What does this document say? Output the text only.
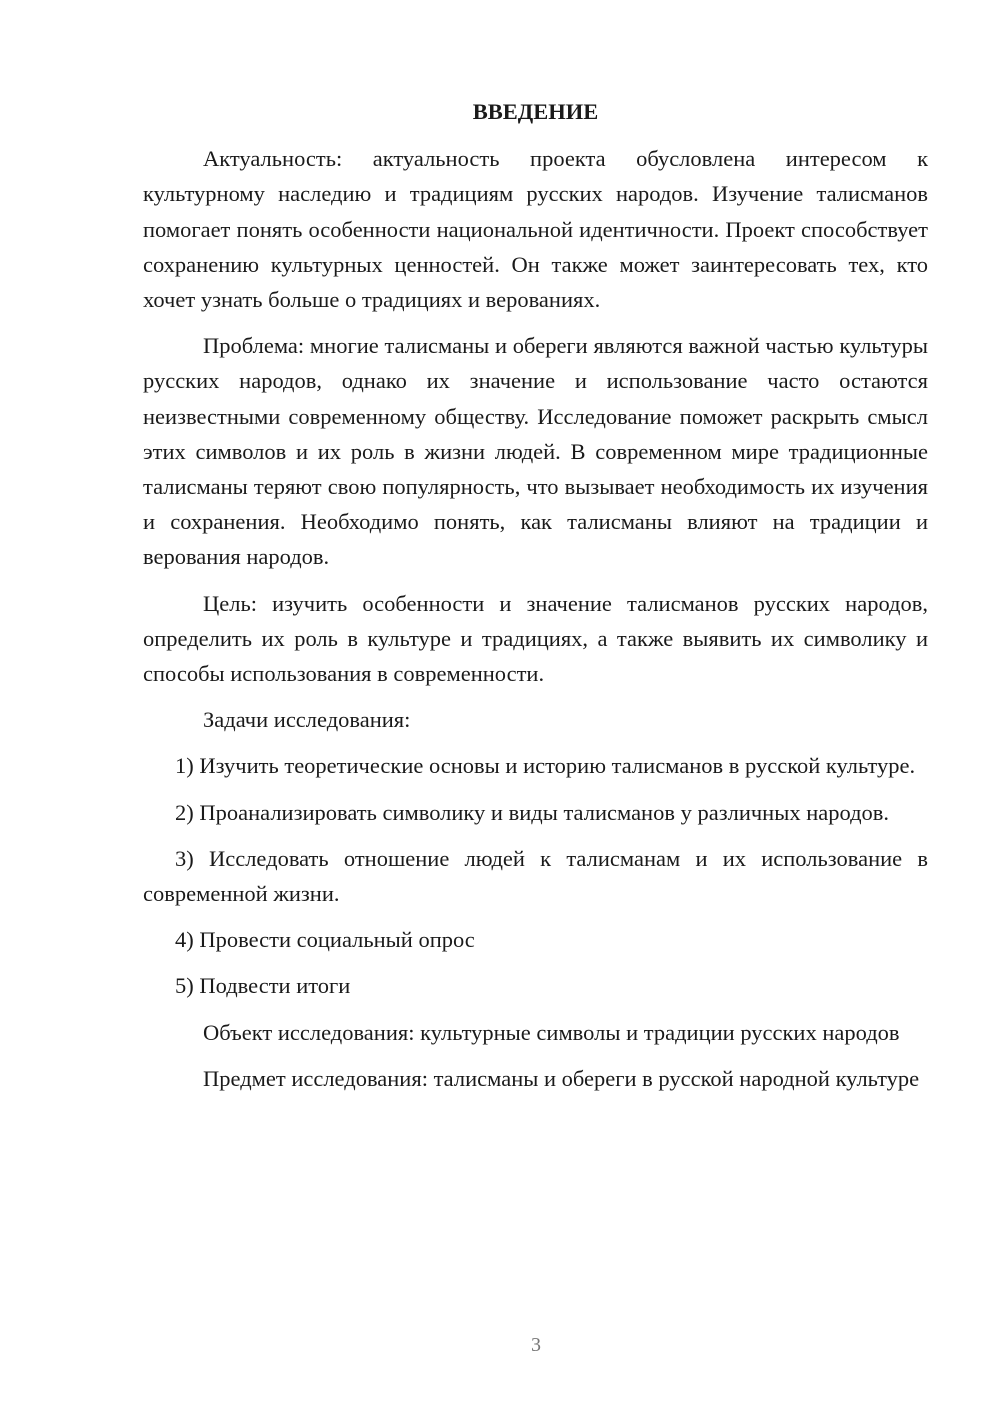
ВВЕДЕНИЕ

Актуальность: актуальность проекта обусловлена интересом к культурному наследию и традициям русских народов. Изучение талисманов помогает понять особенности национальной идентичности. Проект способствует сохранению культурных ценностей. Он также может заинтересовать тех, кто хочет узнать больше о традициях и верованиях.

Проблема: многие талисманы и обереги являются важной частью культуры русских народов, однако их значение и использование часто остаются неизвестными современному обществу. Исследование поможет раскрыть смысл этих символов и их роль в жизни людей. В современном мире традиционные талисманы теряют свою популярность, что вызывает необходимость их изучения и сохранения. Необходимо понять, как талисманы влияют на традиции и верования народов.

Цель: изучить особенности и значение талисманов русских народов, определить их роль в культуре и традициях, а также выявить их символику и способы использования в современности.

Задачи исследования:

1) Изучить теоретические основы и историю талисманов в русской культуре.

2) Проанализировать символику и виды талисманов у различных народов.

3) Исследовать отношение людей к талисманам и их использование в современной жизни.

4) Провести социальный опрос

5) Подвести итоги

Объект исследования: культурные символы и традиции русских народов

Предмет исследования: талисманы и обереги в русской народной культуре

3
